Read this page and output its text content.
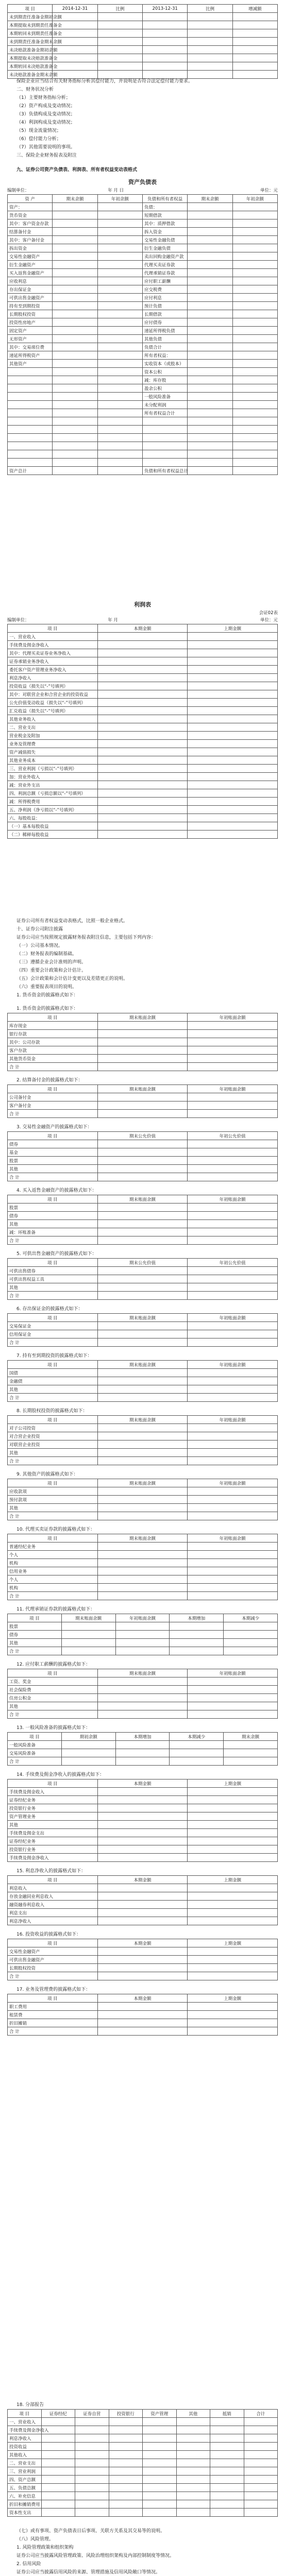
项 目	2014-12-31	比例	2013-12-31	比例	增减额
未到期责任准备金期初余额					
本期提取未到期责任准备金					
本期转回未到期责任准备金					
未到期责任准备金期末余额					
未决赔款准备金期初余额					
本期提取未决赔款准备金					
本期转回未决赔款准备金					
未决赔款准备金期末余额					

保险企业应当结合有关财务指标分析其偿付能力，并说明是否符合法定偿付能力要求。

二、财务状况分析

（1）主要财务指标分析；

（2）资产构成及变动情况；

（3）负债构成及变动情况；

（4）利润构成及变动情况；

（5）现金流量情况；

（6）偿付能力分析；

（7）其他需要说明的事项。

三、保险企业财务报表及附注

九、证券公司资产负债表、利润表、所有者权益变动表格式

资产负债表
编制单位：	年 月 日	单位：元
资 产	期末余额	年初余额	负债和所有者权益	期末余额	年初余额
资产：			负债：		
货币资金			短期借款		
其中：客户资金存款			其中：质押借款		
结算备付金			拆入资金		
其中：客户备付金			交易性金融负债		
拆出资金			衍生金融负债		
交易性金融资产			卖出回购金融资产款		
衍生金融资产			代理买卖证券款		
买入返售金融资产			代理承销证券款		
应收利息			应付职工薪酬		
存出保证金			应交税费		
可供出售金融资产			应付利息		
持有至到期投资			预计负债		
长期股权投资			长期借款		
投资性房地产			应付债券		
固定资产			递延所得税负债		
无形资产			其他负债		
其中：交易席位费			负债合计		
递延所得税资产			所有者权益：		
其他资产			实收资本（或股本）		
			资本公积		
			减：库存股		
			盈余公积		
			一般风险准备		
			未分配利润		
			所有者权益合计		

资产总计			负债和所有者权益总计		
利润表
会证02表
编制单位：	年 月	单位：元
项 目	本期金额	上期金额
一、营业收入		
手续费及佣金净收入		
其中：代理买卖证券业务净收入		
证券承销业务净收入		
委托客户资产管理业务净收入		
利息净收入		
投资收益（损失以“-”号填列）		
其中：对联营企业和合营企业的投资收益		
公允价值变动收益（损失以“-”号填列）		
汇兑收益（损失以“-”号填列）		
其他业务收入		
二、营业支出		
营业税金及附加		
业务及管理费		
资产减值损失		
其他业务成本		
三、营业利润（亏损以“-”号填列）		
加：营业外收入		
减：营业外支出		
四、利润总额（亏损总额以“-”号填列）		
减：所得税费用		
五、净利润（净亏损以“-”号填列）		
六、每股收益：		
（一）基本每股收益		
（二）稀释每股收益		

证券公司所有者权益变动表格式，比照一般企业格式。

十、证券公司附注披露

证券公司应当按照规定披露财务报表附注信息，主要包括下列内容：

（一）公司基本情况。

（二）财务报表的编制基础。

（三）遵循企业会计准则的声明。

（四）重要会计政策和会计估计。

（五）会计政策和会计估计变更以及差错更正的说明。

（六）重要报表项目的说明。

1. 货币资金的披露格式如下：

1. 货币资金的披露格式如下：

项 目	期末账面余额	年初账面余额
库存现金		
银行存款		
其中：公司存款		
客户存款		
其他货币资金		
合 计		

2. 结算备付金的披露格式如下：

项 目	期末账面余额	年初账面余额
公司备付金		
客户备付金		
合 计		

3. 交易性金融资产的披露格式如下：

项 目	期末公允价值	年初公允价值
债券		
基金		
股票		
其他		
合 计		

4. 买入返售金融资产的披露格式如下：

项 目	期末账面余额	年初账面余额
股票		
债券		
其他		
减：坏账准备		
合 计		

5. 可供出售金融资产的披露格式如下：

项 目	期末公允价值	年初公允价值
可供出售债券		
可供出售权益工具		
其他		
合 计		

6. 存出保证金的披露格式如下：

项 目	期末账面余额	年初账面余额
交易保证金		
信用保证金		
合 计		

7. 持有至到期投资的披露格式如下：

项 目	期末账面余额	年初账面余额
国债		
金融债		
其他		
合 计		

8. 长期股权投资的披露格式如下：

项 目	期末账面余额	年初账面余额
对子公司投资		
对合营企业投资		
对联营企业投资		
其他		
合 计		

9. 其他资产的披露格式如下：

项 目	期末账面余额	年初账面余额
应收款项		
预付款项		
其他		
合 计		

10. 代理买卖证券款的披露格式如下：

项 目	期末账面余额	年初账面余额
普通经纪业务		
个人		
机构		
信用业务		
个人		
机构		
合 计		

11. 代理承销证券款的披露格式如下：

项 目	期末账面余额	年初账面余额	本期增加	本期减少
股票				
债券				
其他				
合 计				

12. 应付职工薪酬的披露格式如下：

项 目	期末账面余额	年初账面余额
工资、奖金		
社会保险费		
住房公积金		
其他		
合 计		

13. 一般风险准备的披露格式如下：

项 目	期初余额	本期增加	本期减少	期末余额
一般风险准备				
交易风险准备				
合 计				

14. 手续费及佣金净收入的披露格式如下：

项 目	本期金额	上期金额
手续费及佣金收入		
证券经纪业务		
投资银行业务		
资产管理业务		
其他		
手续费及佣金支出		
证券经纪业务		
投资银行业务		
手续费及佣金净收入		

15. 利息净收入的披露格式如下：

项 目	本期金额	上期金额
利息收入		
存放金融同业利息收入		
融资融券利息收入		
利息支出		
利息净收入		

16. 投资收益的披露格式如下：

项 目	本期金额	上期金额
交易性金融资产		
可供出售金融资产		
长期股权投资		
合 计		

17. 业务及管理费的披露格式如下：

项 目	本期金额	上期金额
职工费用		
租赁费		
折旧摊销		
合 计		

18. 分部报告

项 目	证券经纪	证券自营	投资银行	资产管理	其他	抵销	合计
一、营业收入							
手续费及佣金净收入							
利息净收入							
投资收益							
其他收入							
二、营业支出							
三、营业利润							
四、资产总额							
五、负债总额							
六、补充信息							
折旧和摊销费用							
资本性支出							

（七）或有事项、资产负债表日后事项、关联方关系及其交易等的说明。

（八）风险管理。

1. 风险管理政策和组织架构

证券公司应当披露风险管理政策、风险治理组织架构及内部控制制度等情况。

2. 信用风险

证券公司应当披露信用风险的来源、管理措施及信用风险敞口等情况。
